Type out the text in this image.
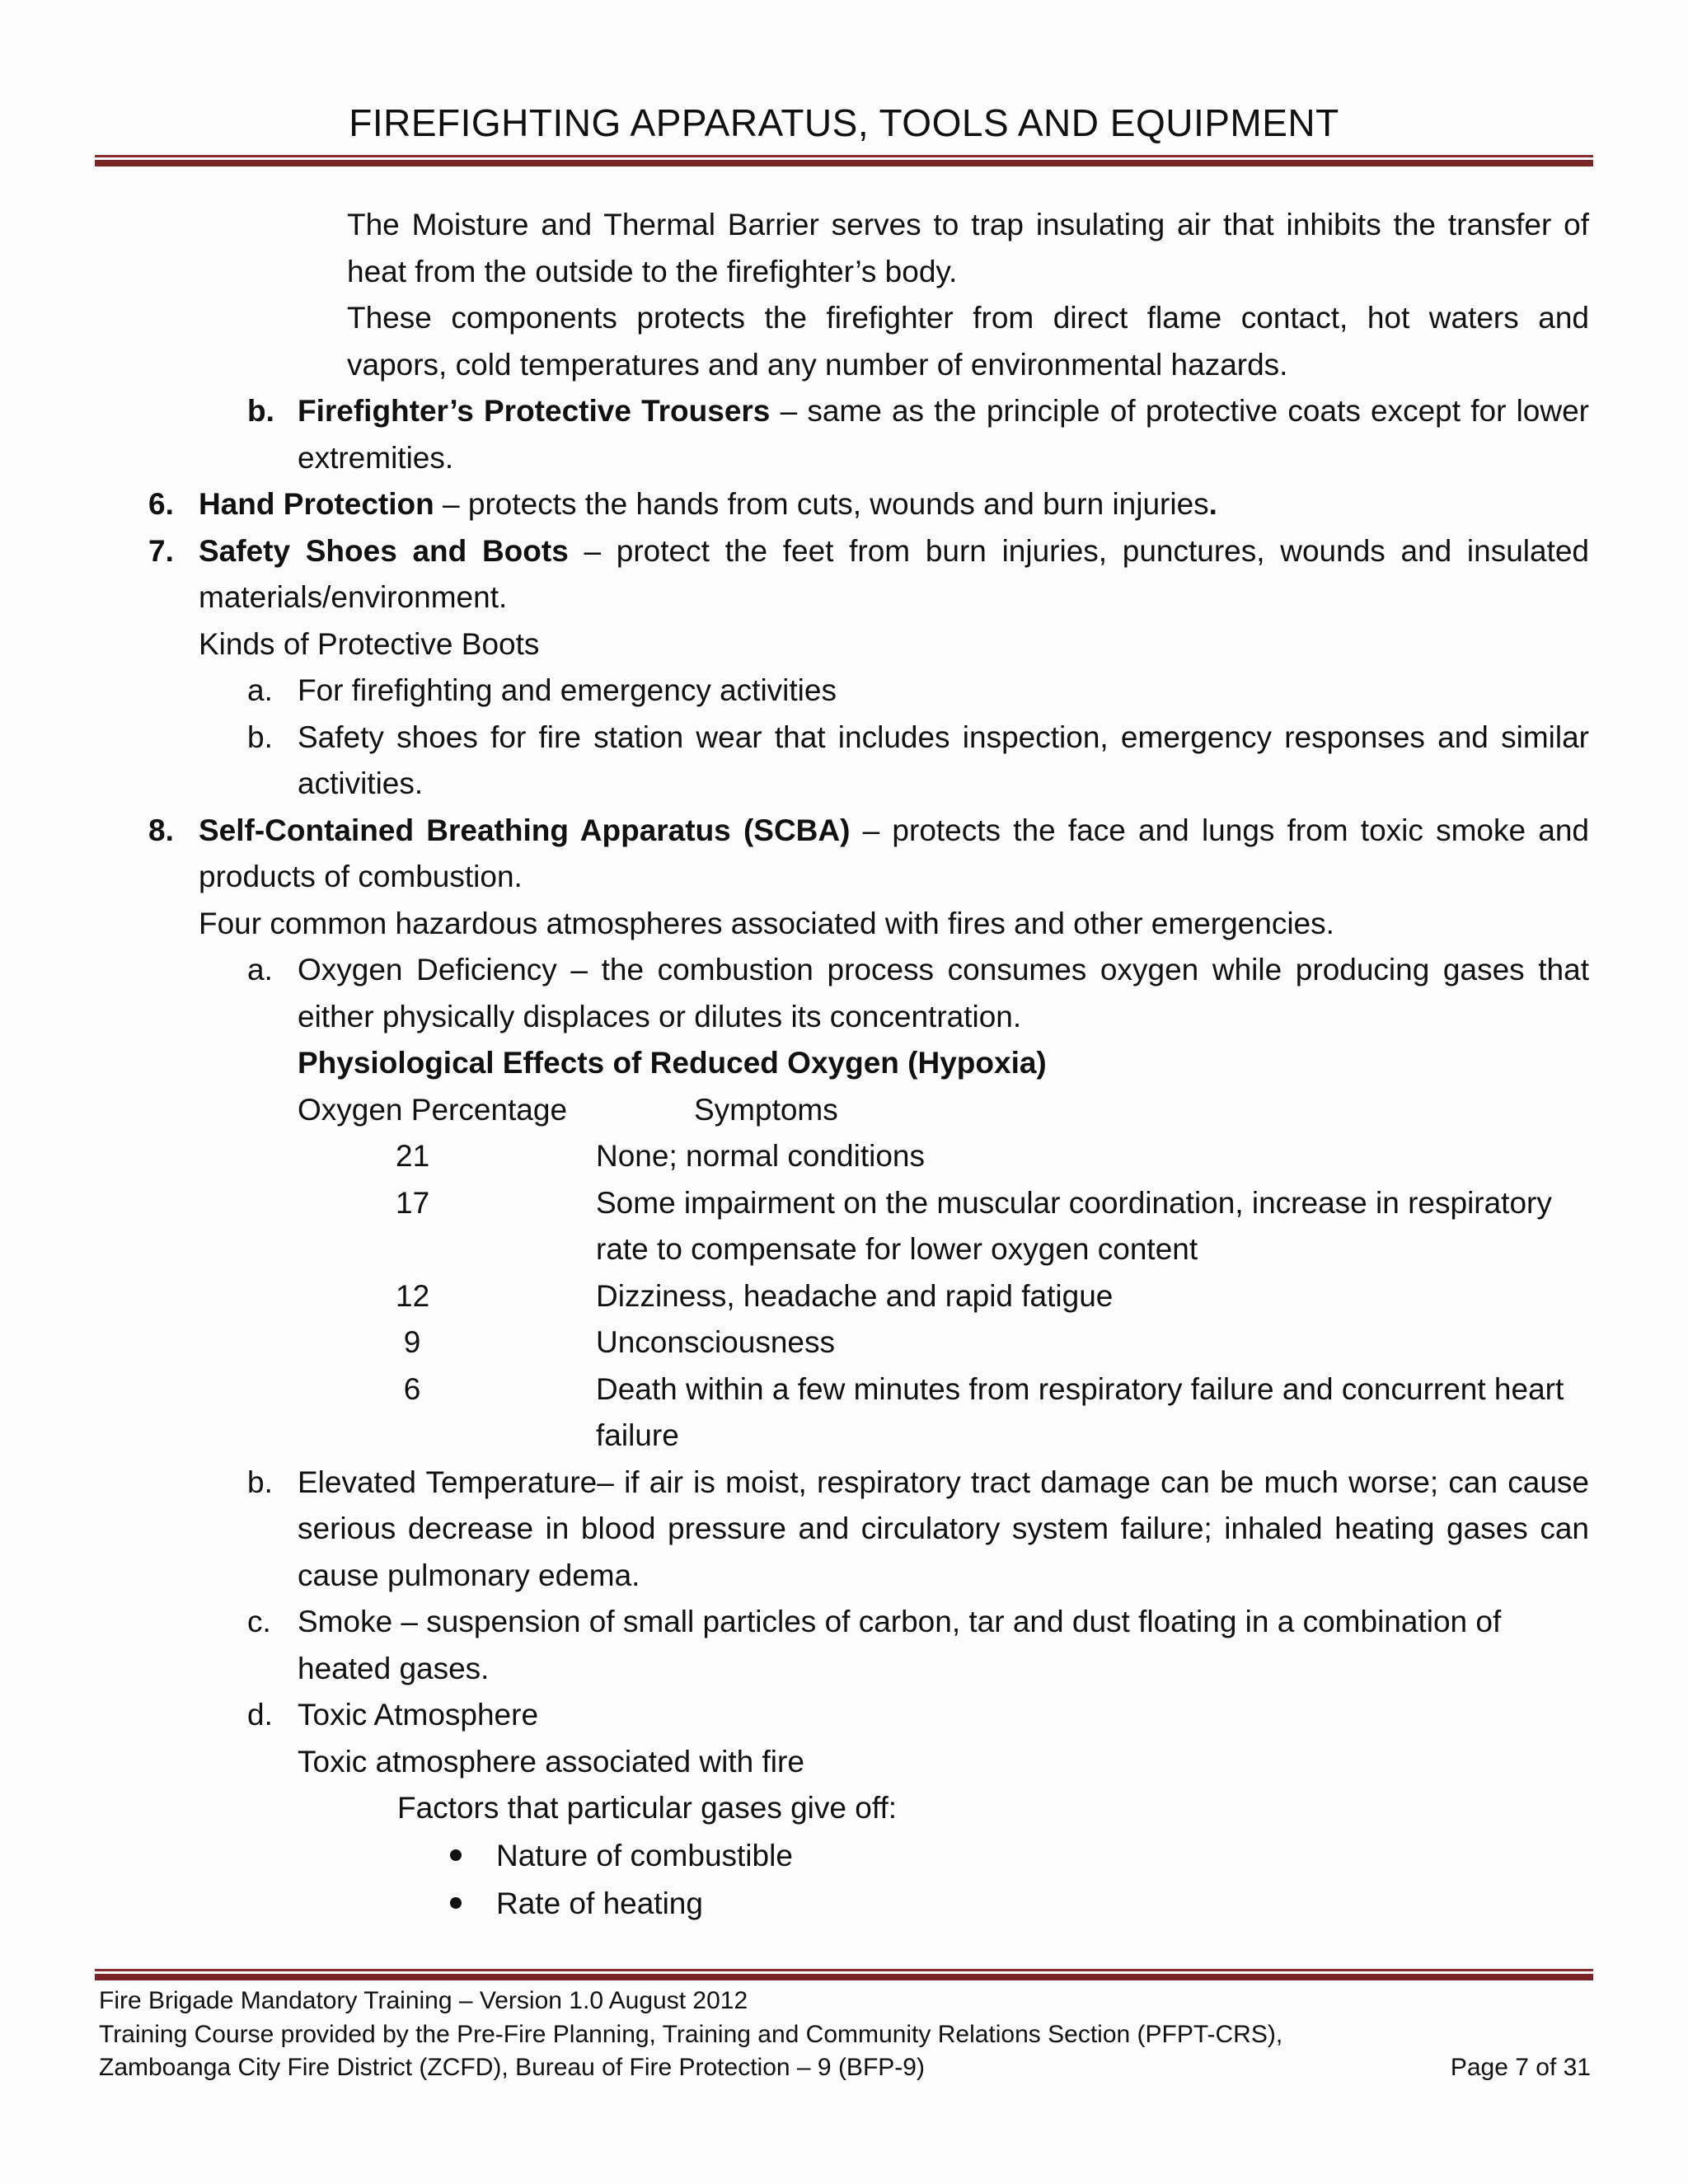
FIREFIGHTING APPARATUS, TOOLS AND EQUIPMENT
The Moisture and Thermal Barrier serves to trap insulating air that inhibits the transfer of
heat from the outside to the firefighter’s body.
These components protects the firefighter from direct flame contact, hot waters and
vapors, cold temperatures and any number of environmental hazards.
b. Firefighter’s Protective Trousers – same as the principle of protective coats except for lower
extremities.
6. Hand Protection – protects the hands from cuts, wounds and burn injuries.
7. Safety Shoes and Boots – protect the feet from burn injuries, punctures, wounds and insulated
materials/environment.
Kinds of Protective Boots
a. For firefighting and emergency activities
b. Safety shoes for fire station wear that includes inspection, emergency responses and similar
activities.
8. Self-Contained Breathing Apparatus (SCBA) – protects the face and lungs from toxic smoke and
products of combustion.
Four common hazardous atmospheres associated with fires and other emergencies.
a. Oxygen Deficiency – the combustion process consumes oxygen while producing gases that
either physically displaces or dilutes its concentration.
Physiological Effects of Reduced Oxygen (Hypoxia)
Oxygen Percentage	Symptoms
21	None; normal conditions
17	Some impairment on the muscular coordination, increase in respiratory
rate to compensate for lower oxygen content
12	Dizziness, headache and rapid fatigue
9	Unconsciousness
6	Death within a few minutes from respiratory failure and concurrent heart
failure
b. Elevated Temperature– if air is moist, respiratory tract damage can be much worse; can cause
serious decrease in blood pressure and circulatory system failure; inhaled heating gases can
cause pulmonary edema.
c. Smoke – suspension of small particles of carbon, tar and dust floating in a combination of
heated gases.
d. Toxic Atmosphere
Toxic atmosphere associated with fire
Factors that particular gases give off:
Nature of combustible
Rate of heating
Fire Brigade Mandatory Training – Version 1.0 August 2012
Training Course provided by the Pre-Fire Planning, Training and Community Relations Section (PFPT-CRS),
Zamboanga City Fire District (ZCFD), Bureau of Fire Protection – 9 (BFP-9)	Page 7 of 31
